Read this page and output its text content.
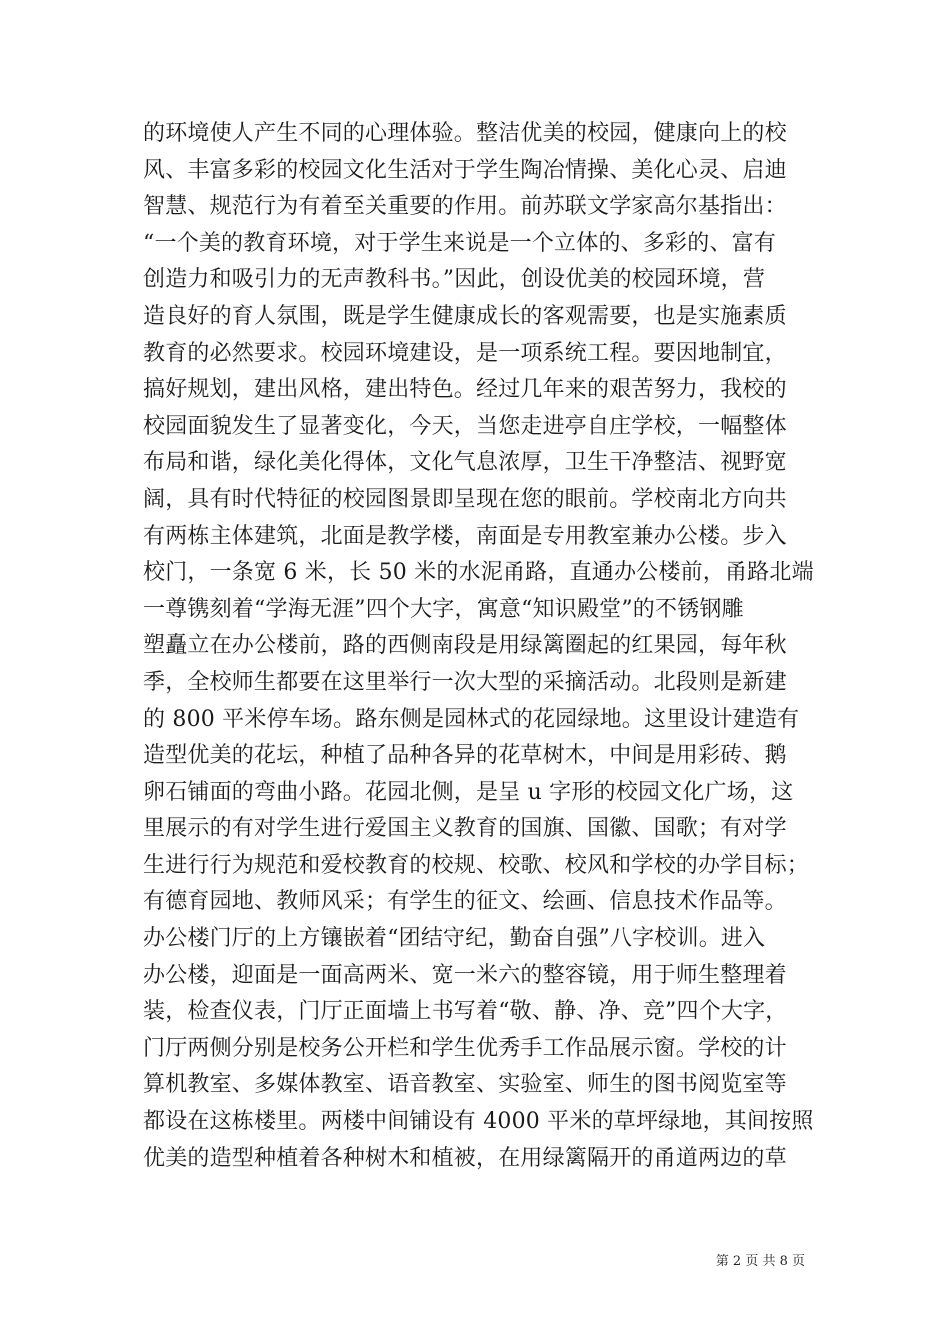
的环境使人产生不同的心理体验。整洁优美的校园，健康向上的校
风、丰富多彩的校园文化生活对于学生陶冶情操、美化心灵、启迪
智慧、规范行为有着至关重要的作用。前苏联文学家高尔基指出：
“一个美的教育环境，对于学生来说是一个立体的、多彩的、富有
创造力和吸引力的无声教科书。”因此，创设优美的校园环境，营
造良好的育人氛围，既是学生健康成长的客观需要，也是实施素质
教育的必然要求。校园环境建设，是一项系统工程。要因地制宜，
搞好规划，建出风格，建出特色。经过几年来的艰苦努力，我校的
校园面貌发生了显著变化，今天，当您走进亭自庄学校，一幅整体
布局和谐，绿化美化得体，文化气息浓厚，卫生干净整洁、视野宽
阔，具有时代特征的校园图景即呈现在您的眼前。学校南北方向共
有两栋主体建筑，北面是教学楼，南面是专用教室兼办公楼。步入
校门，一条宽 6 米，长 50 米的水泥甬路，直通办公楼前，甬路北端
一尊镌刻着“学海无涯”四个大字，寓意“知识殿堂”的不锈钢雕
塑矗立在办公楼前，路的西侧南段是用绿篱圈起的红果园，每年秋
季，全校师生都要在这里举行一次大型的采摘活动。北段则是新建
的 800 平米停车场。路东侧是园林式的花园绿地。这里设计建造有
造型优美的花坛，种植了品种各异的花草树木，中间是用彩砖、鹅
卵石铺面的弯曲小路。花园北侧，是呈 u 字形的校园文化广场，这
里展示的有对学生进行爱国主义教育的国旗、国徽、国歌；有对学
生进行行为规范和爱校教育的校规、校歌、校风和学校的办学目标；
有德育园地、教师风采；有学生的征文、绘画、信息技术作品等。
办公楼门厅的上方镶嵌着“团结守纪，勤奋自强”八字校训。进入
办公楼，迎面是一面高两米、宽一米六的整容镜，用于师生整理着
装，检查仪表，门厅正面墙上书写着“敬、静、净、竞”四个大字，
门厅两侧分别是校务公开栏和学生优秀手工作品展示窗。学校的计
算机教室、多媒体教室、语音教室、实验室、师生的图书阅览室等
都设在这栋楼里。两楼中间铺设有 4000 平米的草坪绿地，其间按照
优美的造型种植着各种树木和植被，在用绿篱隔开的甬道两边的草
第 2 页 共 8 页
